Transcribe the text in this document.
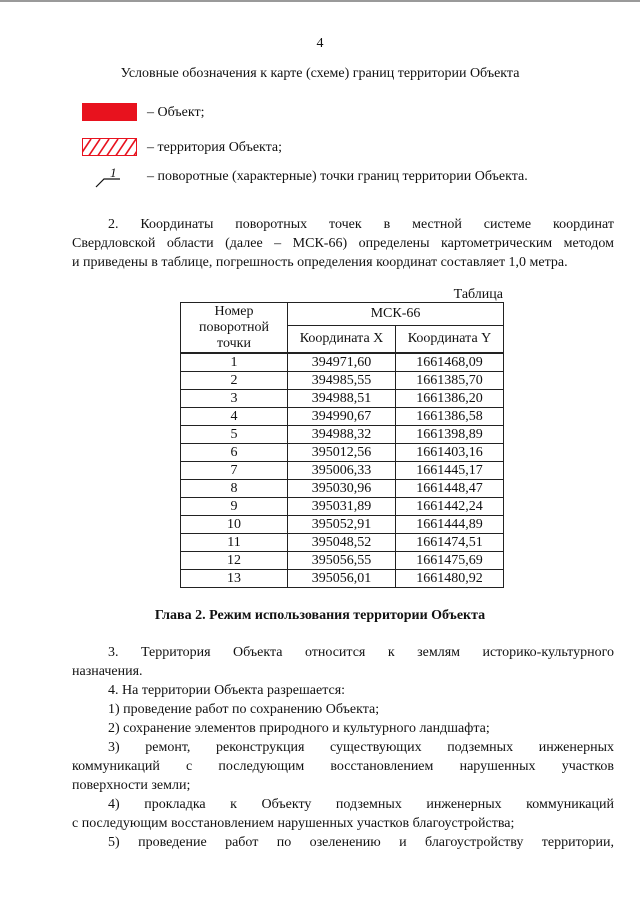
4
Условные обозначения к карте (схеме) границ территории Объекта
– Объект;
– территория Объекта;
1 – поворотные (характерные) точки границ территории Объекта.
2. Координаты поворотных точек в местной системе координат
Свердловской области (далее – МСК-66) определены картометрическим методом
и приведены в таблице, погрешность определения координат составляет 1,0 метра.
Таблица
Номер поворотной точки	МСК-66	
	Координата X	Координата Y
1	394971,60	1661468,09
2	394985,55	1661385,70
3	394988,51	1661386,20
4	394990,67	1661386,58
5	394988,32	1661398,89
6	395012,56	1661403,16
7	395006,33	1661445,17
8	395030,96	1661448,47
9	395031,89	1661442,24
10	395052,91	1661444,89
11	395048,52	1661474,51
12	395056,55	1661475,69
13	395056,01	1661480,92
Глава 2. Режим использования территории Объекта
3. Территория Объекта относится к землям историко-культурного
назначения.
4. На территории Объекта разрешается:
1) проведение работ по сохранению Объекта;
2) сохранение элементов природного и культурного ландшафта;
3) ремонт, реконструкция существующих подземных инженерных
коммуникаций с последующим восстановлением нарушенных участков
поверхности земли;
4) прокладка к Объекту подземных инженерных коммуникаций
с последующим восстановлением нарушенных участков благоустройства;
5) проведение работ по озеленению и благоустройству территории,
